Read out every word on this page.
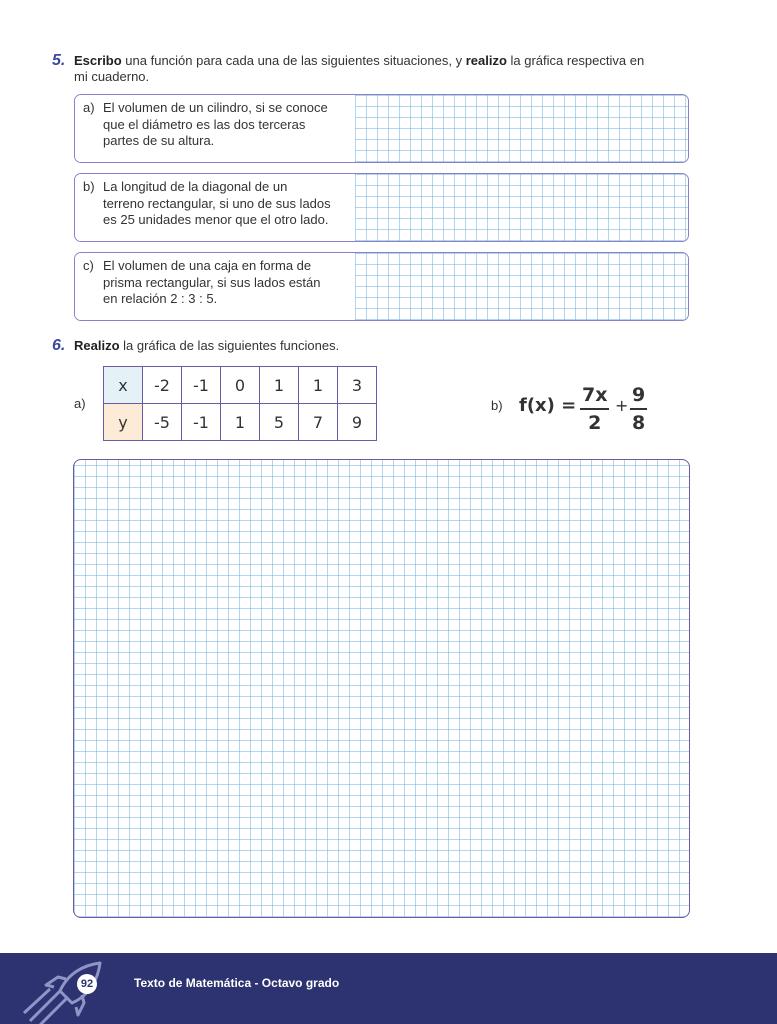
5. Escribo una función para cada una de las siguientes situaciones, y realizo la gráfica respectiva en
mi cuaderno.
a) El volumen de un cilindro, si se conoce
que el diámetro es las dos terceras
partes de su altura.
b) La longitud de la diagonal de un
terreno rectangular, si uno de sus lados
es 25 unidades menor que el otro lado.
c) El volumen de una caja en forma de
prisma rectangular, si sus lados están
en relación 2 : 3 : 5.
6. Realizo la gráfica de las siguientes funciones.
a)
x	-2	-1	0	1	1	3
y	-5	-1	1	5	7	9
b) $f(x) = \frac{7x}{2} + \frac{9}{8}$
92	Texto de Matemática - Octavo grado
